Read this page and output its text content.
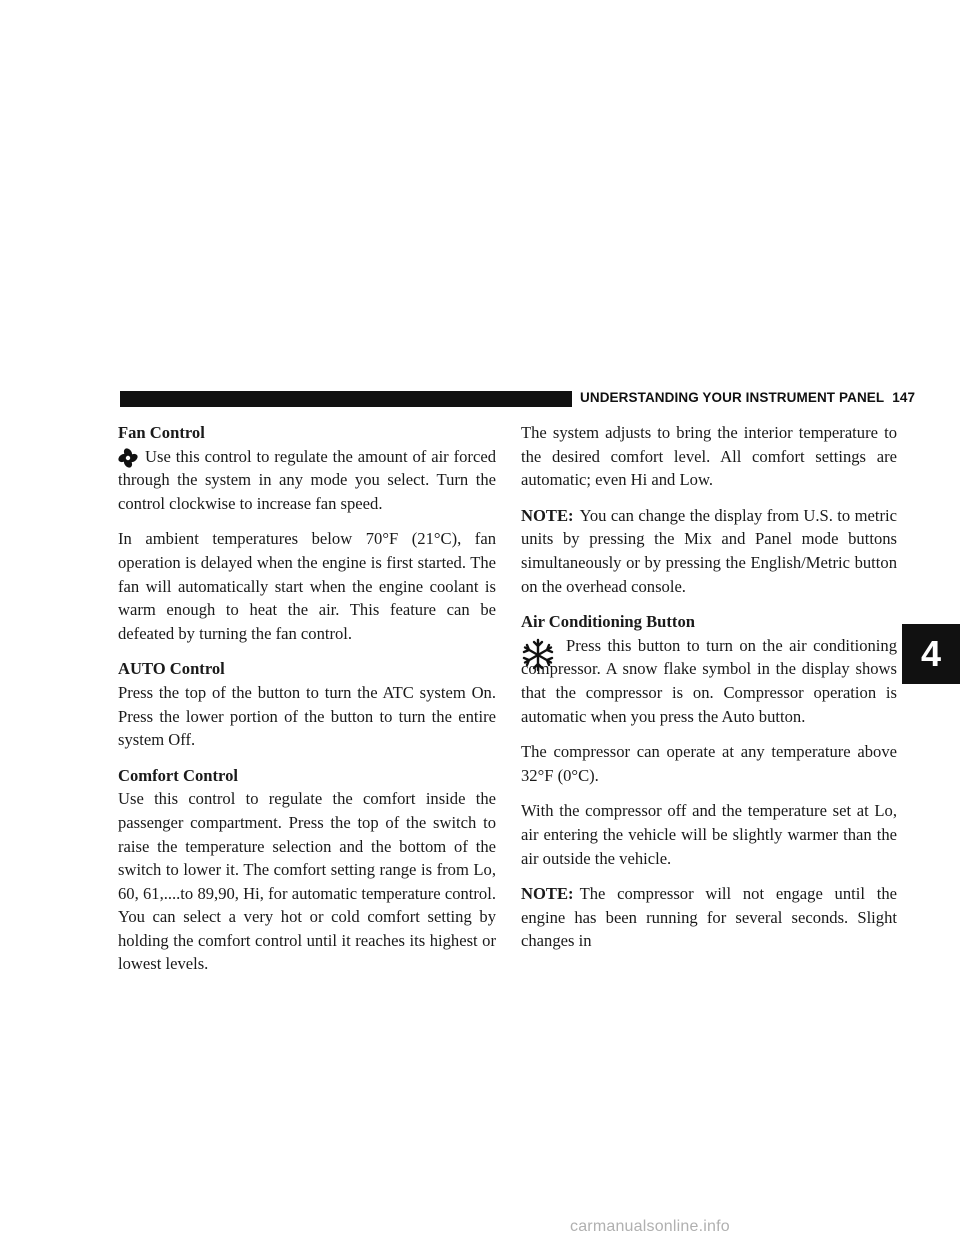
UNDERSTANDING YOUR INSTRUMENT PANEL 147
4
Fan Control

Use this control to regulate the amount of air forced through the system in any mode you select. Turn the control clockwise to increase fan speed.

In ambient temperatures below 70°F (21°C), fan operation is delayed when the engine is first started. The fan will automatically start when the engine coolant is warm enough to heat the air. This feature can be defeated by turning the fan control.

AUTO Control

Press the top of the button to turn the ATC system On. Press the lower portion of the button to turn the entire system Off.

Comfort Control

Use this control to regulate the comfort inside the passenger compartment. Press the top of the switch to raise the temperature selection and the bottom of the switch to lower it. The comfort setting range is from Lo, 60, 61,....to 89,90, Hi, for automatic temperature control. You can select a very hot or cold comfort setting by holding the comfort control until it reaches its highest or lowest levels.

The system adjusts to bring the interior temperature to the desired comfort level. All comfort settings are automatic; even Hi and Low.

NOTE: You can change the display from U.S. to metric units by pressing the Mix and Panel mode buttons simultaneously or by pressing the English/Metric button on the overhead console.

Air Conditioning Button

Press this button to turn on the air conditioning compressor. A snow flake symbol in the display shows that the compressor is on. Compressor operation is automatic when you press the Auto button.

The compressor can operate at any temperature above 32°F (0°C).

With the compressor off and the temperature set at Lo, air entering the vehicle will be slightly warmer than the air outside the vehicle.

NOTE: The compressor will not engage until the engine has been running for several seconds. Slight changes in

carmanualsonline.info
